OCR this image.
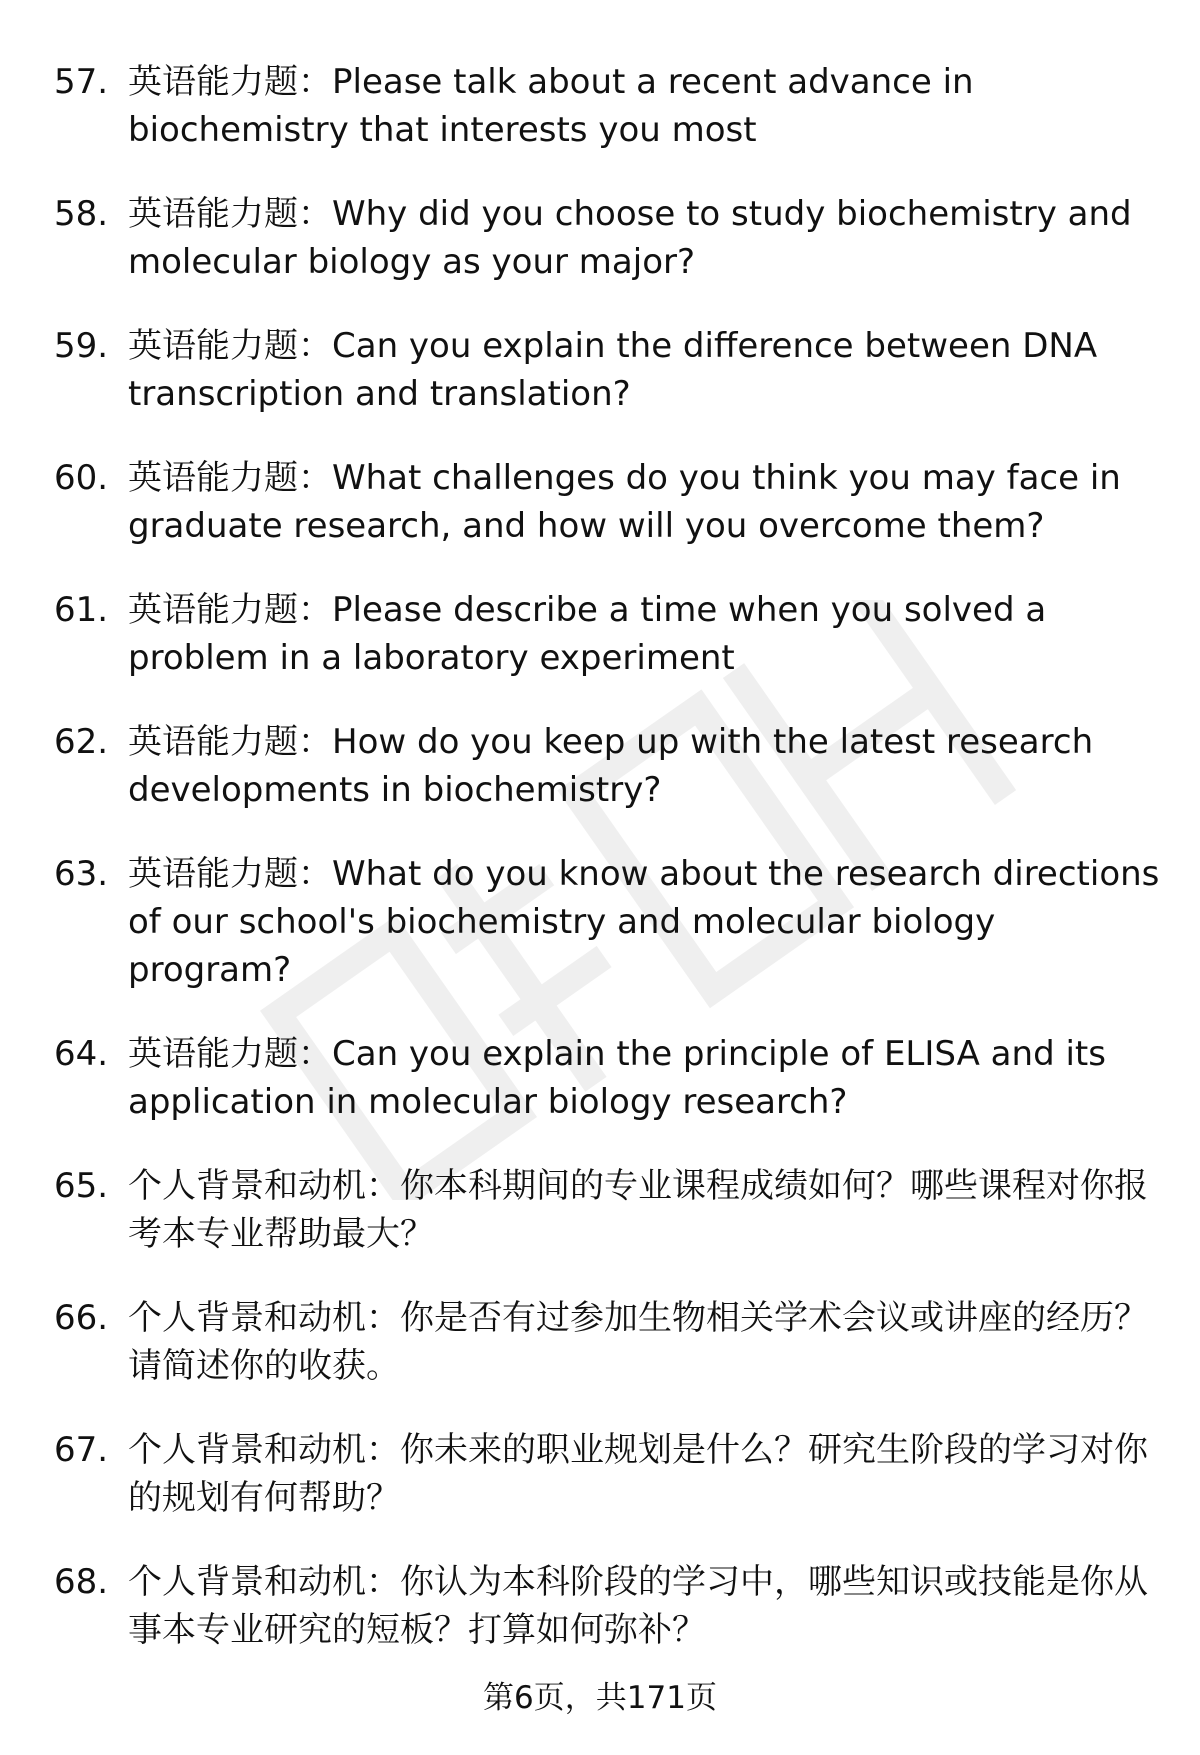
57. 英语能力题：Please talk about a recent advance in biochemistry that interests you most
58. 英语能力题：Why did you choose to study biochemistry and molecular biology as your major?
59. 英语能力题：Can you explain the difference between DNA transcription and translation?
60. 英语能力题：What challenges do you think you may face in graduate research, and how will you overcome them?
61. 英语能力题：Please describe a time when you solved a problem in a laboratory experiment
62. 英语能力题：How do you keep up with the latest research developments in biochemistry?
63. 英语能力题：What do you know about the research directions of our school's biochemistry and molecular biology program?
64. 英语能力题：Can you explain the principle of ELISA and its application in molecular biology research?
65. 个人背景和动机：你本科期间的专业课程成绩如何？哪些课程对你报考本专业帮助最大？
66. 个人背景和动机：你是否有过参加生物相关学术会议或讲座的经历？请简述你的收获。
67. 个人背景和动机：你未来的职业规划是什么？研究生阶段的学习对你的规划有何帮助？
68. 个人背景和动机：你认为本科阶段的学习中，哪些知识或技能是你从事本专业研究的短板？打算如何弥补？
第6页，共171页
